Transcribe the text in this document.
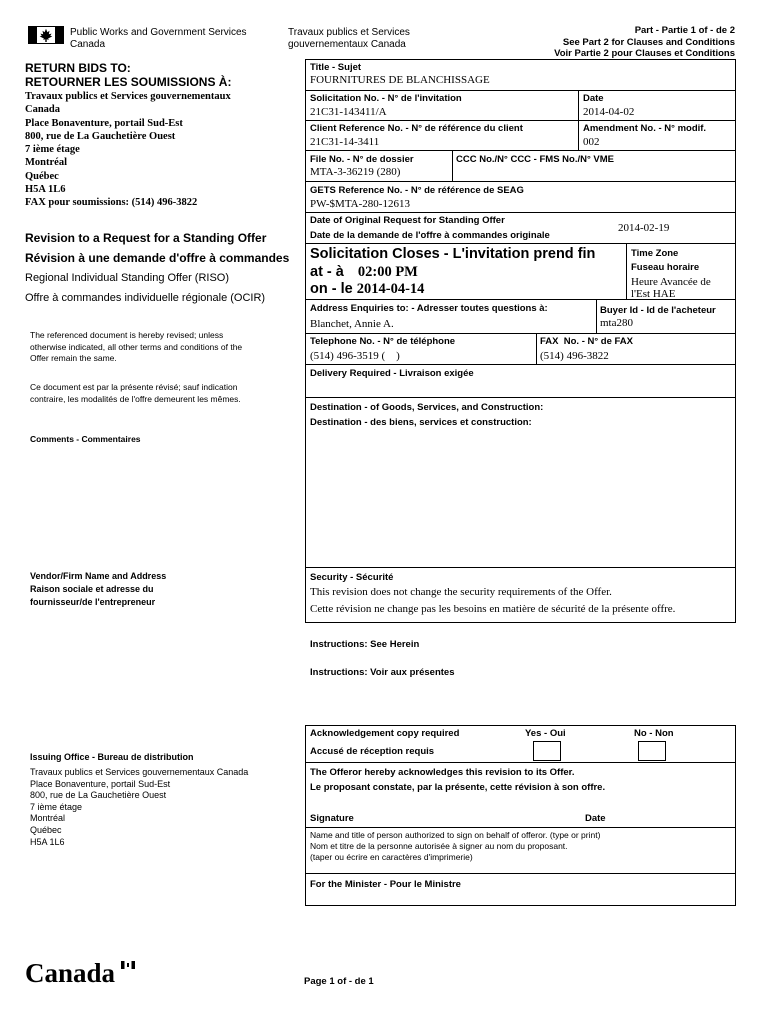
Public Works and Government Services
Canada
Travaux publics et Services
gouvernementaux Canada
Part - Partie 1 of - de 2
See Part 2 for Clauses and Conditions
Voir Partie 2 pour Clauses et Conditions
RETURN BIDS TO:
RETOURNER LES SOUMISSIONS À:
Travaux publics et Services gouvernementaux
Canada
Place Bonaventure, portail Sud-Est
800, rue de La Gauchetière Ouest
7 ième étage
Montréal
Québec
H5A 1L6
FAX pour soumissions: (514) 496-3822
Revision to a Request for a Standing Offer
Révision à une demande d'offre à commandes
Regional Individual Standing Offer (RISO)
Offre à commandes individuelle régionale (OCIR)
The referenced document is hereby revised; unless
otherwise indicated, all other terms and conditions of the
Offer remain the same.
Ce document est par la présente révisé; sauf indication
contraire, les modalités de l'offre demeurent les mêmes.
Comments - Commentaires
Vendor/Firm Name and Address
Raison sociale et adresse du
fournisseur/de l'entrepreneur
Issuing Office - Bureau de distribution
Travaux publics et Services gouvernementaux Canada
Place Bonaventure, portail Sud-Est
800, rue de La Gauchetière Ouest
7 ième étage
Montréal
Québec
H5A 1L6
Title - Sujet
FOURNITURES DE BLANCHISSAGE
Solicitation No. - N° de l'invitation
21C31-143411/A
Date
2014-04-02
Client Reference No. - N° de référence du client
21C31-14-3411
Amendment No. - N° modif.
002
File No. - N° de dossier
MTA-3-36219 (280)
CCC No./N° CCC - FMS No./N° VME
GETS Reference No. - N° de référence de SEAG
PW-$MTA-280-12613
Date of Original Request for Standing Offer
Date de la demande de l'offre à commandes originale
2014-02-19
Solicitation Closes - L'invitation prend fin
at - à 02:00 PM
on - le 2014-04-14
Time Zone
Fuseau horaire
Heure Avancée de
l'Est HAE
Address Enquiries to: - Adresser toutes questions à:
Blanchet, Annie A.
Buyer Id - Id de l'acheteur
mta280
Telephone No. - N° de téléphone
(514) 496-3519 (    )
FAX  No. - N° de FAX
(514) 496-3822
Delivery Required - Livraison exigée
Destination - of Goods, Services, and Construction:
Destination - des biens, services et construction:
Security - Sécurité
This revision does not change the security requirements of the Offer.
Cette révision ne change pas les besoins en matière de sécurité de la présente offre.
Instructions: See Herein
Instructions: Voir aux présentes
Acknowledgement copy required
Accusé de réception requis
Yes - Oui	No - Non
The Offeror hereby acknowledges this revision to its Offer.
Le proposant constate, par la présente, cette révision à son offre.
Signature	Date
Name and title of person authorized to sign on behalf of offeror. (type or print)
Nom et titre de la personne autorisée à signer au nom du proposant.
(taper ou écrire en caractères d'imprimerie)
For the Minister - Pour le Ministre
Canada	Page 1 of - de 1
